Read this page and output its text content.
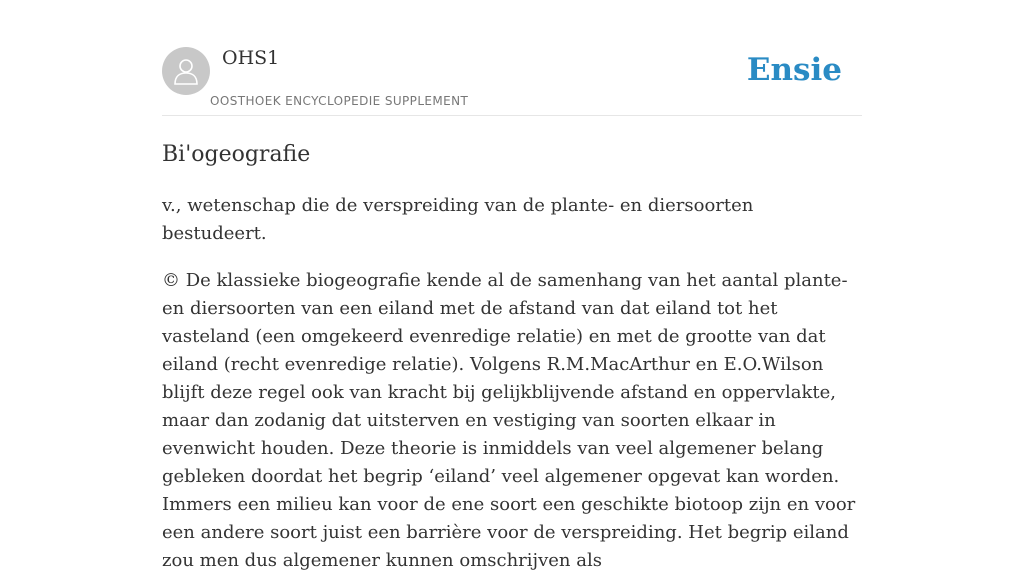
OHS1
OOSTHOEK ENCYCLOPEDIE SUPPLEMENT
Ensie
Bi'ogeografie

v., wetenschap die de verspreiding van de plante- en diersoorten bestudeert.

© De klassieke biogeografie kende al de samenhang van het aantal plante- en diersoorten van een eiland met de afstand van dat eiland tot het vasteland (een omgekeerd evenredige relatie) en met de grootte van dat eiland (recht evenredige relatie). Volgens R.M.MacArthur en E.O.Wilson blijft deze regel ook van kracht bij gelijkblijvende afstand en oppervlakte, maar dan zodanig dat uitsterven en vestiging van soorten elkaar in evenwicht houden. Deze theorie is inmiddels van veel algemener belang gebleken doordat het begrip ‘eiland’ veel algemener opgevat kan worden. Immers een milieu kan voor de ene soort een geschikte biotoop zijn en voor een andere soort juist een barrière voor de verspreiding. Het begrip eiland zou men dus algemener kunnen omschrijven als
